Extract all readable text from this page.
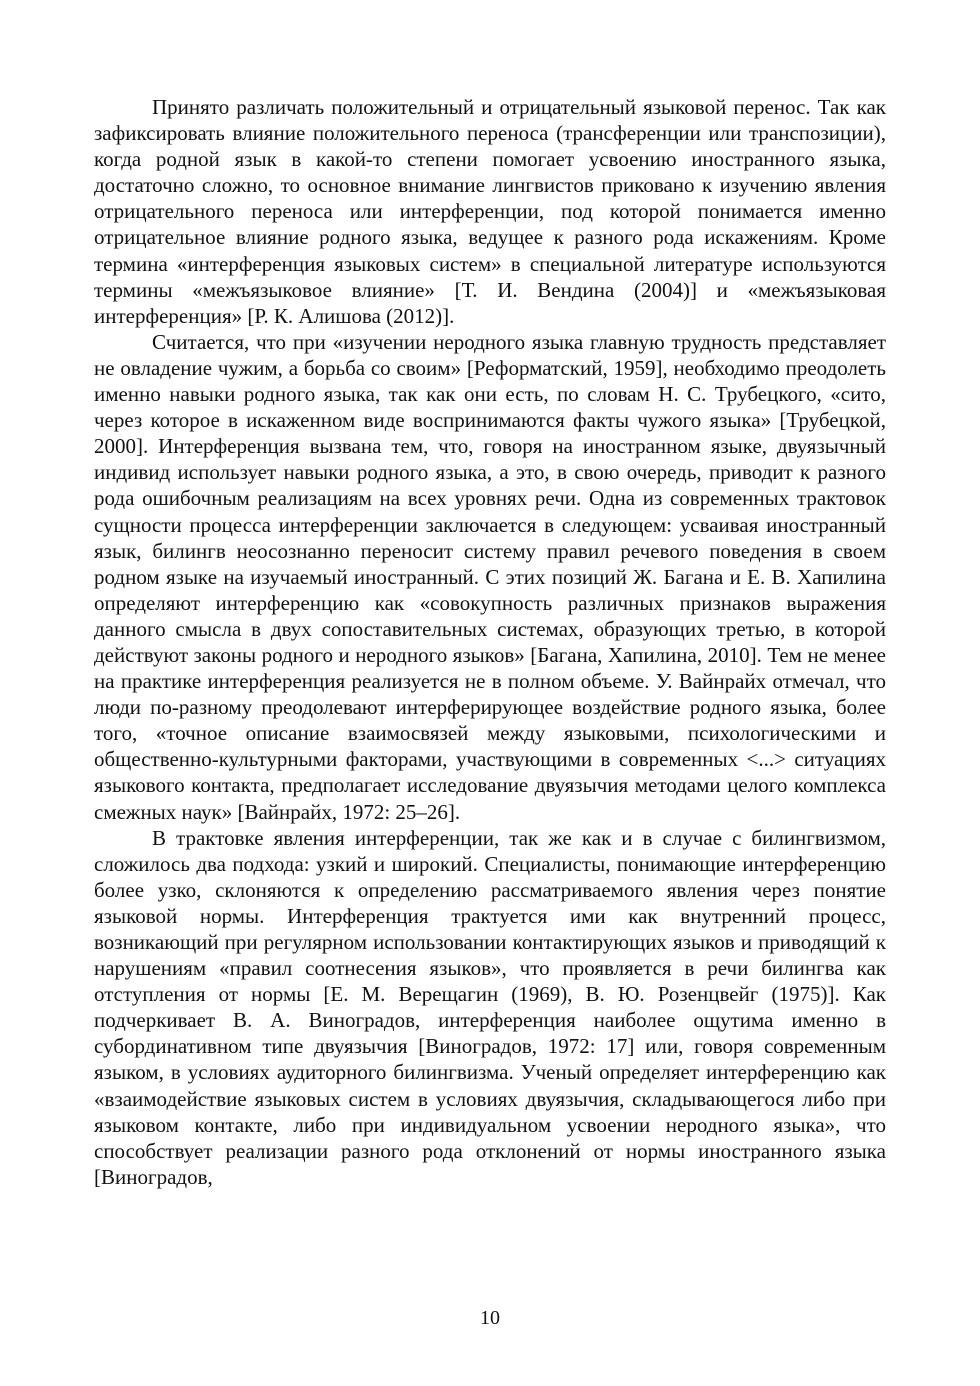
Принято различать положительный и отрицательный языковой перенос. Так как зафиксировать влияние положительного переноса (трансференции или транспозиции), когда родной язык в какой-то степени помогает усвоению иностранного языка, достаточно сложно, то основное внимание лингвистов приковано к изучению явления отрицательного переноса или интерференции, под которой понимается именно отрицательное влияние родного языка, ведущее к разного рода искажениям. Кроме термина «интерференция языковых систем» в специальной литературе используются термины «межъязыковое влияние» [Т. И. Вендина (2004)] и «межъязыковая интерференция» [Р. К. Алишова (2012)].

Считается, что при «изучении неродного языка главную трудность представляет не овладение чужим, а борьба со своим» [Реформатский, 1959], необходимо преодолеть именно навыки родного языка, так как они есть, по словам Н. С. Трубецкого, «сито, через которое в искаженном виде воспринимаются факты чужого языка» [Трубецкой, 2000]. Интерференция вызвана тем, что, говоря на иностранном языке, двуязычный индивид использует навыки родного языка, а это, в свою очередь, приводит к разного рода ошибочным реализациям на всех уровнях речи. Одна из современных трактовок сущности процесса интерференции заключается в следующем: усваивая иностранный язык, билингв неосознанно переносит систему правил речевого поведения в своем родном языке на изучаемый иностранный. С этих позиций Ж. Багана и Е. В. Хапилина определяют интерференцию как «совокупность различных признаков выражения данного смысла в двух сопоставительных системах, образующих третью, в которой действуют законы родного и неродного языков» [Багана, Хапилина, 2010]. Тем не менее на практике интерференция реализуется не в полном объеме. У. Вайнрайх отмечал, что люди по-разному преодолевают интерферирующее воздействие родного языка, более того, «точное описание взаимосвязей между языковыми, психологическими и общественно-культурными факторами, участвующими в современных <...> ситуациях языкового контакта, предполагает исследование двуязычия методами целого комплекса смежных наук» [Вайнрайх, 1972: 25–26].

В трактовке явления интерференции, так же как и в случае с билингвизмом, сложилось два подхода: узкий и широкий. Специалисты, понимающие интерференцию более узко, склоняются к определению рассматриваемого явления через понятие языковой нормы. Интерференция трактуется ими как внутренний процесс, возникающий при регулярном использовании контактирующих языков и приводящий к нарушениям «правил соотнесения языков», что проявляется в речи билингва как отступления от нормы [Е. М. Верещагин (1969), В. Ю. Розенцвейг (1975)]. Как подчеркивает В. А. Виноградов, интерференция наиболее ощутима именно в субординативном типе двуязычия [Виноградов, 1972: 17] или, говоря современным языком, в условиях аудиторного билингвизма. Ученый определяет интерференцию как «взаимодействие языковых систем в условиях двуязычия, складывающегося либо при языковом контакте, либо при индивидуальном усвоении неродного языка», что способствует реализации разного рода отклонений от нормы иностранного языка [Виноградов,

10
